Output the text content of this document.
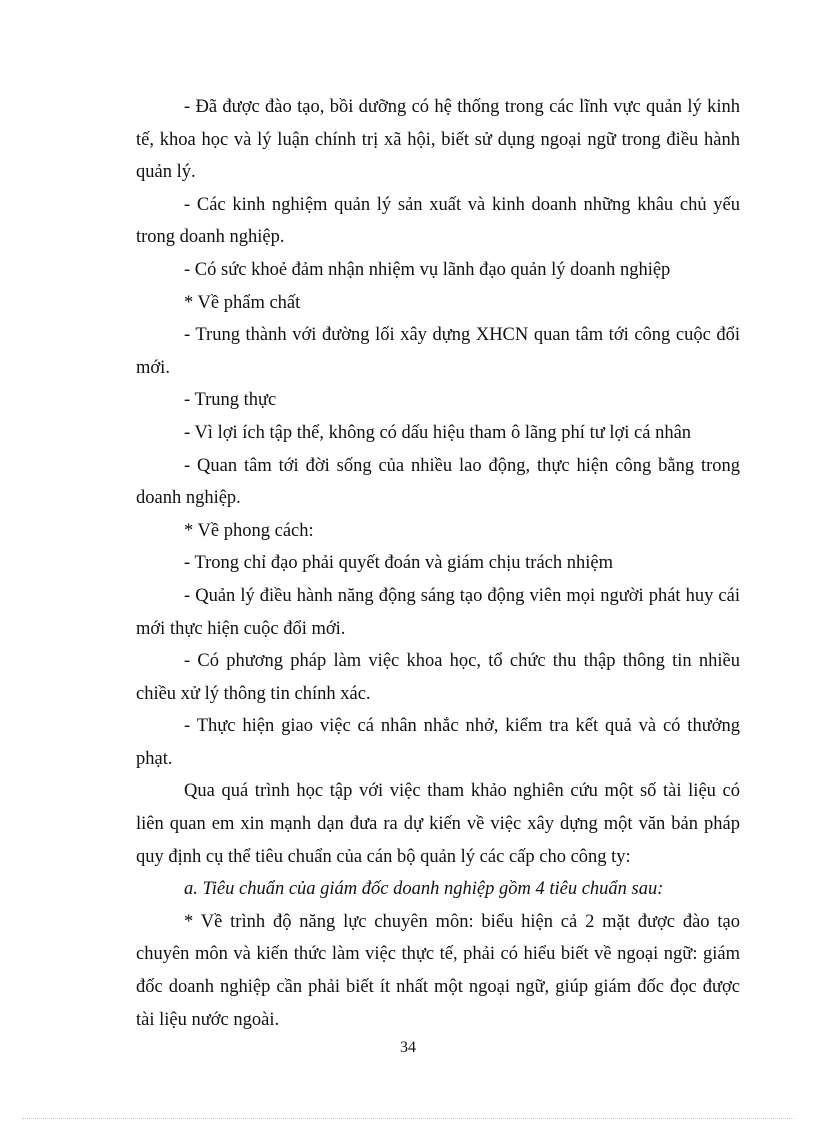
- Đã được đào tạo, bồi dưỡng có hệ thống trong các lĩnh vực quản lý kinh tế, khoa học và lý luận chính trị xã hội, biết sử dụng ngoại ngữ trong điều hành quản lý.

- Các kinh nghiệm quản lý sản xuất và kinh doanh những khâu chủ yếu trong doanh nghiệp.

- Có sức khoẻ đảm nhận nhiệm vụ lãnh đạo quản lý doanh nghiệp

* Về phẩm chất

- Trung thành với đường lối xây dựng XHCN quan tâm tới công cuộc đổi mới.

- Trung thực

- Vì lợi ích tập thể, không có dấu hiệu tham ô lãng phí tư lợi cá nhân

- Quan tâm tới đời sống của nhiều lao động, thực hiện công bằng trong doanh nghiệp.

* Về phong cách:

- Trong chỉ đạo phải quyết đoán và giám chịu trách nhiệm

- Quản lý điều hành năng động sáng tạo động viên mọi người phát huy cái mới thực hiện cuộc đổi mới.

- Có phương pháp làm việc khoa học, tổ chức thu thập thông tin nhiều chiều xử lý thông tin chính xác.

- Thực hiện giao việc cá nhân nhắc nhở, kiểm tra kết quả và có thưởng phạt.

Qua quá trình học tập với việc tham khảo nghiên cứu một số tài liệu có liên quan em xin mạnh dạn đưa ra dự kiến về việc xây dựng một văn bản pháp quy định cụ thể tiêu chuẩn của cán bộ quản lý các cấp cho công ty:

a. Tiêu chuẩn của giám đốc doanh nghiệp gồm 4 tiêu chuẩn sau:

* Về trình độ năng lực chuyên môn: biểu hiện cả 2 mặt được đào tạo chuyên môn và kiến thức làm việc thực tế, phải có hiểu biết về ngoại ngữ: giám đốc doanh nghiệp cần phải biết ít nhất một ngoại ngữ, giúp giám đốc đọc được tài liệu nước ngoài.

34
